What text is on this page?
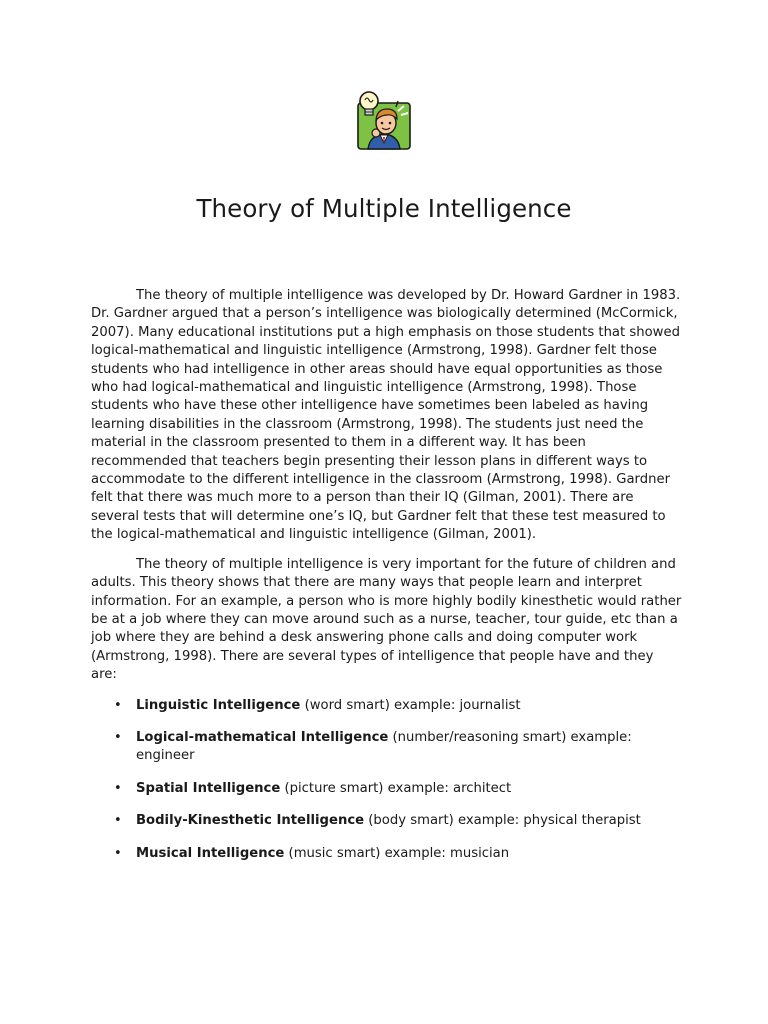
Theory of Multiple Intelligence

The theory of multiple intelligence was developed by Dr. Howard Gardner in 1983. Dr. Gardner argued that a person’s intelligence was biologically determined (McCormick, 2007). Many educational institutions put a high emphasis on those students that showed logical-mathematical and linguistic intelligence (Armstrong, 1998). Gardner felt those students who had intelligence in other areas should have equal opportunities as those who had logical-mathematical and linguistic intelligence (Armstrong, 1998). Those students who have these other intelligence have sometimes been labeled as having learning disabilities in the classroom (Armstrong, 1998). The students just need the material in the classroom presented to them in a different way. It has been recommended that teachers begin presenting their lesson plans in different ways to accommodate to the different intelligence in the classroom (Armstrong, 1998). Gardner felt that there was much more to a person than their IQ (Gilman, 2001). There are several tests that will determine one’s IQ, but Gardner felt that these test measured to the logical-mathematical and linguistic intelligence (Gilman, 2001).

The theory of multiple intelligence is very important for the future of children and adults. This theory shows that there are many ways that people learn and interpret information. For an example, a person who is more highly bodily kinesthetic would rather be at a job where they can move around such as a nurse, teacher, tour guide, etc than a job where they are behind a desk answering phone calls and doing computer work (Armstrong, 1998). There are several types of intelligence that people have and they are:

• Linguistic Intelligence (word smart) example: journalist
• Logical-mathematical Intelligence (number/reasoning smart) example: engineer
• Spatial Intelligence (picture smart) example: architect
• Bodily-Kinesthetic Intelligence (body smart) example: physical therapist
• Musical Intelligence (music smart) example: musician
